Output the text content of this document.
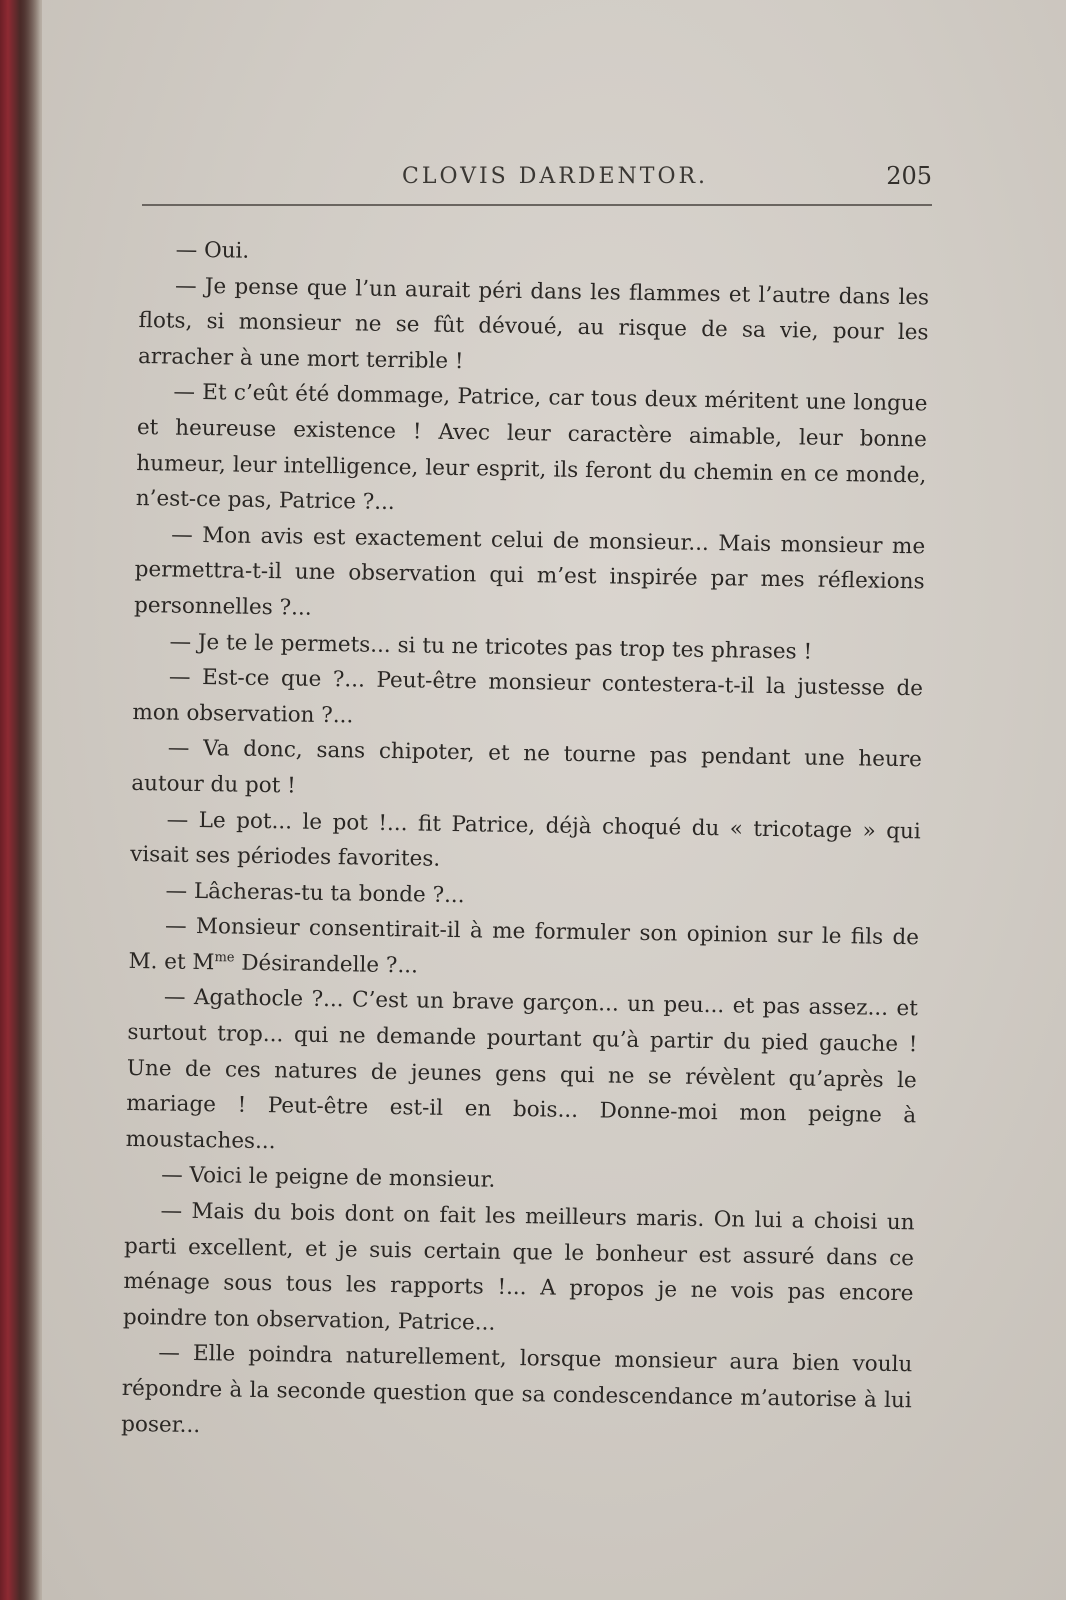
CLOVIS DARDENTOR.	205

— Oui.

— Je pense que l’un aurait péri dans les flammes et l’autre dans les flots, si monsieur ne se fût dévoué, au risque de sa vie, pour les arracher à une mort terrible !

— Et c’eût été dommage, Patrice, car tous deux méritent une longue et heureuse existence ! Avec leur caractère aimable, leur bonne humeur, leur intelligence, leur esprit, ils feront du chemin en ce monde, n’est-ce pas, Patrice ?...

— Mon avis est exactement celui de monsieur... Mais monsieur me permettra-t-il une observation qui m’est inspirée par mes réflexions personnelles ?...

— Je te le permets... si tu ne tricotes pas trop tes phrases !

— Est-ce que ?... Peut-être monsieur contestera-t-il la justesse de mon observation ?...

— Va donc, sans chipoter, et ne tourne pas pendant une heure autour du pot !

— Le pot... le pot !... fit Patrice, déjà choqué du « tricotage » qui visait ses périodes favorites.

— Lâcheras-tu ta bonde ?...

— Monsieur consentirait-il à me formuler son opinion sur le fils de M. et $M^{me}$ Désirandelle ?...

— Agathocle ?... C’est un brave garçon... un peu... et pas assez... et surtout trop... qui ne demande pourtant qu’à partir du pied gauche ! Une de ces natures de jeunes gens qui ne se révèlent qu’après le mariage ! Peut-être est-il en bois... Donne-moi mon peigne à moustaches...

— Voici le peigne de monsieur.

— Mais du bois dont on fait les meilleurs maris. On lui a choisi un parti excellent, et je suis certain que le bonheur est assuré dans ce ménage sous tous les rapports !... A propos je ne vois pas encore poindre ton observation, Patrice...

— Elle poindra naturellement, lorsque monsieur aura bien voulu répondre à la seconde question que sa condescendance m’autorise à lui poser...
